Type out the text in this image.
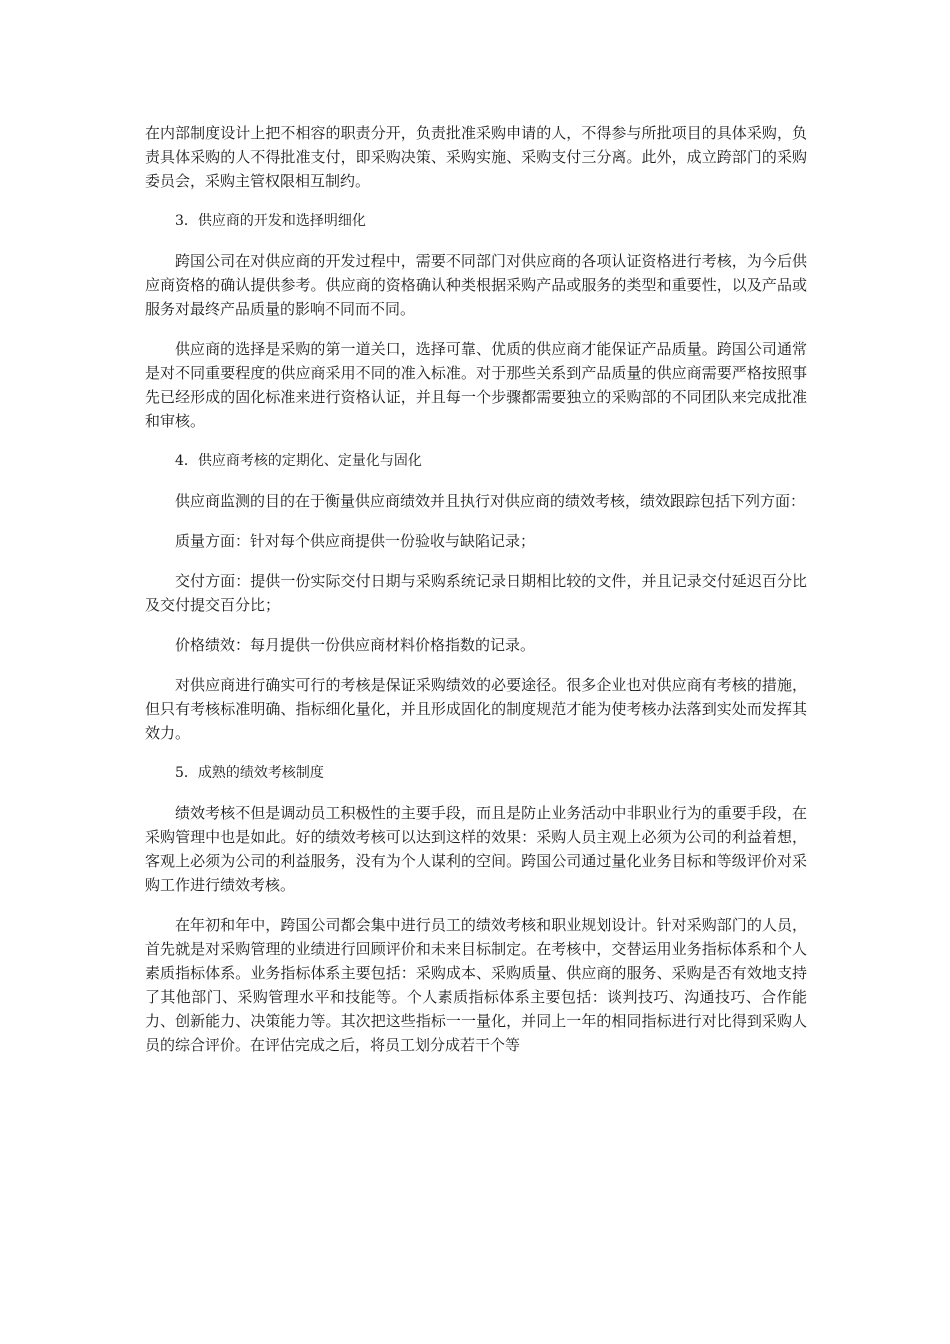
在内部制度设计上把不相容的职责分开，负责批准采购申请的人，不得参与所批项目的具体采购，负责具体采购的人不得批准支付，即采购决策、采购实施、采购支付三分离。此外，成立跨部门的采购委员会，采购主管权限相互制约。

3．供应商的开发和选择明细化

跨国公司在对供应商的开发过程中，需要不同部门对供应商的各项认证资格进行考核，为今后供应商资格的确认提供参考。供应商的资格确认种类根据采购产品或服务的类型和重要性，以及产品或服务对最终产品质量的影响不同而不同。

供应商的选择是采购的第一道关口，选择可靠、优质的供应商才能保证产品质量。跨国公司通常是对不同重要程度的供应商采用不同的准入标准。对于那些关系到产品质量的供应商需要严格按照事先已经形成的固化标准来进行资格认证，并且每一个步骤都需要独立的采购部的不同团队来完成批准和审核。

4．供应商考核的定期化、定量化与固化

供应商监测的目的在于衡量供应商绩效并且执行对供应商的绩效考核，绩效跟踪包括下列方面：

质量方面：针对每个供应商提供一份验收与缺陷记录；

交付方面：提供一份实际交付日期与采购系统记录日期相比较的文件，并且记录交付延迟百分比及交付提交百分比；

价格绩效：每月提供一份供应商材料价格指数的记录。

对供应商进行确实可行的考核是保证采购绩效的必要途径。很多企业也对供应商有考核的措施，但只有考核标准明确、指标细化量化，并且形成固化的制度规范才能为使考核办法落到实处而发挥其效力。

5．成熟的绩效考核制度

绩效考核不但是调动员工积极性的主要手段，而且是防止业务活动中非职业行为的重要手段，在采购管理中也是如此。好的绩效考核可以达到这样的效果：采购人员主观上必须为公司的利益着想，客观上必须为公司的利益服务，没有为个人谋利的空间。跨国公司通过量化业务目标和等级评价对采购工作进行绩效考核。

在年初和年中，跨国公司都会集中进行员工的绩效考核和职业规划设计。针对采购部门的人员，首先就是对采购管理的业绩进行回顾评价和未来目标制定。在考核中，交替运用业务指标体系和个人素质指标体系。业务指标体系主要包括：采购成本、采购质量、供应商的服务、采购是否有效地支持了其他部门、采购管理水平和技能等。个人素质指标体系主要包括：谈判技巧、沟通技巧、合作能力、创新能力、决策能力等。其次把这些指标一一量化，并同上一年的相同指标进行对比得到采购人员的综合评价。在评估完成之后，将员工划分成若干个等
